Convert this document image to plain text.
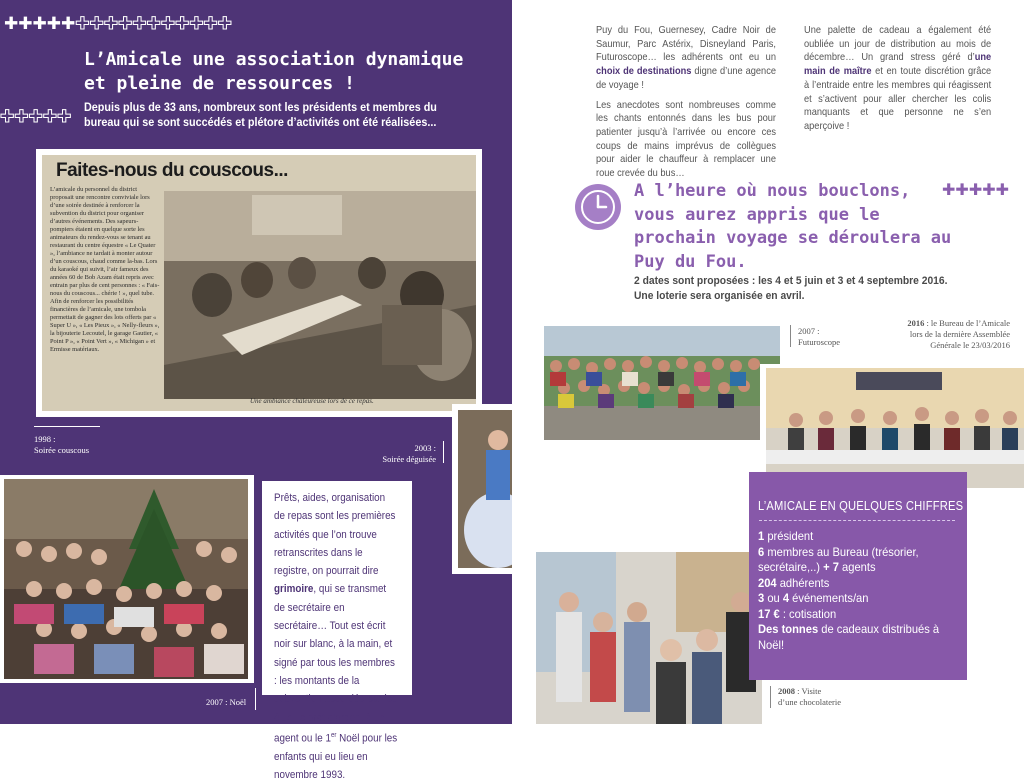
✚✚✚✚✚✚✚✚✚✚✚✚✚✚✚✚
✚✚✚✚✚
L’Amicale une association dynamique et pleine de ressources !
Depuis plus de 33 ans, nombreux sont les présidents et membres du bureau qui se sont succédés et plétore d’activités ont été réalisées...
Faites-nous du couscous...
L’amicale du personnel du district proposait une rencontre conviviale lors d’une soirée destinée à renforcer la subvention du district pour organiser d’autres événements. Des sapeurs-pompiers étaient en quelque sorte les animateurs du rendez-vous se tenant au restaurant du centre équestre « Le Quater », l’ambiance ne tardait à monter autour d’un couscous, chaud comme la-bas. Lors du karaoké qui suivit, l’air fameux des années 60 de Bob Azam était repris avec entrain par plus de cent personnes : « Fais-nous du couscous... chérie ! », quel tube. Afin de renforcer les possibilités financières de l’amicale, une tombola permettait de gagner des lots offerts par « Super U », « Les Pieux », « Nelly-fleurs », la bijouterie Lecoutel, le garage Gautier, « Point P », « Point Vert », « Michigan » et Ermisse matériaux.
Une ambiance chaleureuse lors de ce repas.
1998 :
Soirée couscous	2003 :
Soirée déguisée
2007 : Noël

Prêts, aides, organisation de repas sont les premières activités que l’on trouve retranscrites dans le registre, on pourrait dire grimoire, qui se transmet de secrétaire en secrétaire… Tout est écrit noir sur blanc, à la main, et signé par tous les membres : les montants de la subvention accordée par les élus, le prêt d’argent à un agent ou le 1er Noël pour les enfants qui eu lieu en novembre 1993.

Puy du Fou, Guernesey, Cadre Noir de Saumur, Parc Astérix, Disneyland Paris, Futuroscope… les adhérents ont eu un choix de destinations digne d’une agence de voyage !

Les anecdotes sont nombreuses comme les chants entonnés dans les bus pour patienter jusqu’à l’arrivée ou encore ces coups de mains imprévus de collègues pour aider le chauffeur à remplacer une roue crevée du bus…

Une palette de cadeau a également été oubliée un jour de distribution au mois de décembre… Un grand stress géré d’une main de maître et en toute discrétion grâce à l’entraide entre les membres qui réagissent et s’activent pour aller chercher les colis manquants et que personne ne s’en aperçoive !

A l’heure où nous bouclons, vous aurez appris que le prochain voyage se déroulera au Puy du Fou.
✚✚✚✚✚
2 dates sont proposées : les 4 et 5 juin et 3 et 4 septembre 2016.
Une loterie sera organisée en avril.
2007 :
Futuroscope
2016 : le Bureau de l’Amicale
lors de la dernière Assemblée
Générale le 23/03/2016
2008 : Visite
d’une chocolaterie
L’AMICALE EN QUELQUES CHIFFRES !
1 président
6 membres au Bureau (trésorier, secrétaire,..) + 7 agents
204 adhérents
3 ou 4 événements/an
17 € : cotisation
Des tonnes de cadeaux distribués à Noël!
